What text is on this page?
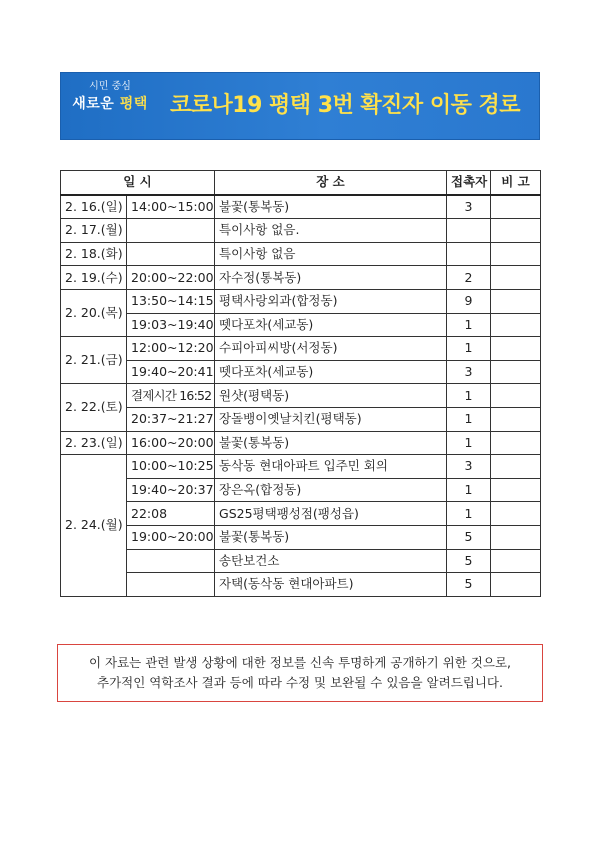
시민 중심
새로운 평택	코로나19 평택 3번 확진자 이동 경로
일 시		장 소	접촉자	비 고
2. 16.(일)	14:00~15:00	불꽃(통복동)	3	
2. 17.(월)		특이사항 없음.		
2. 18.(화)		특이사항 없음		
2. 19.(수)	20:00~22:00	자수정(통복동)	2	
2. 20.(목)	13:50~14:15	평택사랑외과(합정동)	9	
	19:03~19:40	뗏다포차(세교동)	1	
2. 21.(금)	12:00~12:20	수피아피씨방(서정동)	1	
	19:40~20:41	뗏다포차(세교동)	3	
2. 22.(토)	결제시간 16:52	원샷(평택동)	1	
	20:37~21:27	장돌뱅이옛날치킨(평택동)	1	
2. 23.(일)	16:00~20:00	불꽃(통복동)	1	
2. 24.(월)	10:00~10:25	동삭동 현대아파트 입주민 회의	3	
	19:40~20:37	장은옥(합정동)	1	
	22:08	GS25평택팽성점(팽성읍)	1	
	19:00~20:00	불꽃(통복동)	5	
		송탄보건소	5	
		자택(동삭동 현대아파트)	5	
이 자료는 관련 발생 상황에 대한 정보를 신속 투명하게 공개하기 위한 것으로,
추가적인 역학조사 결과 등에 따라 수정 및 보완될 수 있음을 알려드립니다.
